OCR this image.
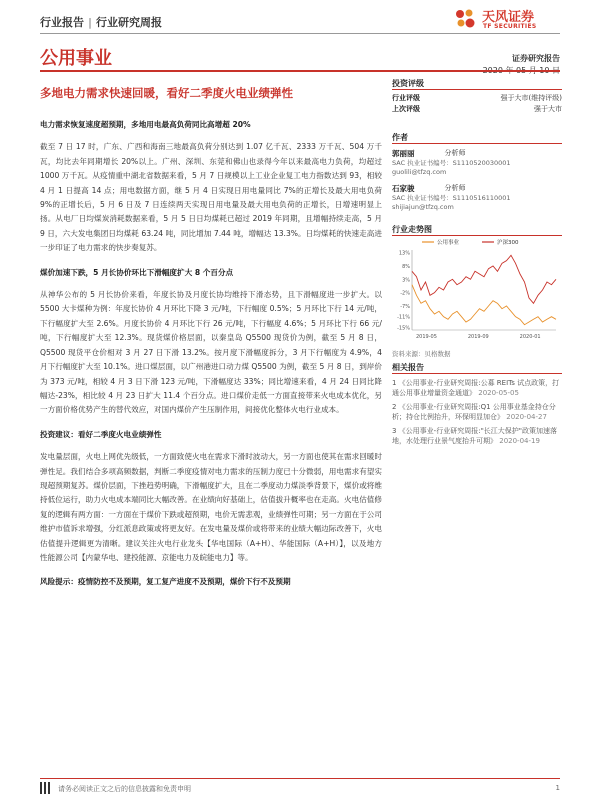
行业报告 | 行业研究周报	天风证券
TF SECURITIES
公用事业	证券研究报告
多地电力需求快速回暖，看好二季度火电业绩弹性

电力需求恢复速度超预期，多地用电最高负荷同比高增超 20%

截至 7 日 17 时，广东、广西和海南三地最高负荷分别达到 1.07 亿千瓦、2333 万千瓦、504 万千瓦，均比去年同期增长 20%以上。广州、深圳、东莞和佛山也录得今年以来最高电力负荷，均超过 1000 万千瓦。从疫情重中湖北省数据来看，5 月 7 日规模以上工业企业复工电力指数达到 93，相较 4 月 1 日提高 14 点；用电数据方面，继 5 月 4 日实现日用电量同比 7%的正增长及最大用电负荷 9%的正增长后，5 月 6 日及 7 日连续两天实现日用电量及最大用电负荷的正增长，日增速明显上扬。从电厂日均煤炭消耗数据来看，5 月 5 日日均煤耗已超过 2019 年同期，且增幅持续走高，5 月 9 日，六大发电集团日均煤耗 63.24 吨，同比增加 7.44 吨，增幅达 13.3%。日均煤耗的快速走高进一步印证了电力需求的快步奏复苏。

煤价加速下跌，5 月长协价环比下滑幅度扩大 8 个百分点

从神华公布的 5 月长协价来看，年度长协及月度长协均维持下滑态势，且下滑幅度进一步扩大。以 5500 大卡煤种为例：年度长协价 4 月环比下降 3 元/吨，下行幅度 0.5%；5 月环比下行 14 元/吨，下行幅度扩大至 2.6%。月度长协价 4 月环比下行 26 元/吨，下行幅度 4.6%；5 月环比下行 66 元/吨，下行幅度扩大至 12.3%。现货煤价格层面，以秦皇岛 Q5500 现货价为例，截至 5 月 8 日，Q5500 现货平仓价相对 3 月 27 日下滑 13.2%。按月度下滑幅度拆分，3 月下行幅度为 4.9%，4 月下行幅度扩大至 10.1%。进口煤层面，以广州港进口动力煤 Q5500 为例，截至 5 月 8 日，到岸价为 373 元/吨，相较 4 月 3 日下滑 123 元/吨，下滑幅度达 33%；同比增速来看，4 月 24 日同比降幅达-23%，相比较 4 月 23 日扩大 11.4 个百分点。进口煤价走低一方面直接带来火电成本优化，另一方面价格优势产生的替代效应，对国内煤价产生压制作用，间接优化整体火电行业成本。

投资建议：看好二季度火电业绩弹性

发电量层面，火电上网优先级低，一方面致使火电在需求下滑时波动大，另一方面也使其在需求回暖时弹性足。我们结合多项高频数据，判断二季度疫情对电力需求的压制力度已十分微弱，用电需求有望实现超预期复苏。煤价层面，下挫趋势明确，下滑幅度扩大，且在二季度动力煤淡季背景下，煤价或将维持低位运行，助力火电成本端同比大幅改善。在业绩向好基础上，估值拔升概率也在走高。火电估值修复的逻辑有两方面：一方面在于煤价下跌或超预期，电价无需悲观，业绩弹性可期；另一方面在于公司维护市值诉求增强，分红派息政策或将更友好。在发电量及煤价或将带来的业绩大幅边际改善下，火电估值提升逻辑更为清晰。建议关注火电行业龙头【华电国际（A+H）、华能国际（A+H）】，以及地方性能源公司【内蒙华电、建投能源、京能电力及皖能电力】等。

风险提示：疫情防控不及预期，复工复产进度不及预期，煤价下行不及预期

投资评级
行业评级	强于大市(维持评级)
上次评级	强于大市
作者
郭丽丽	分析师
SAC 执业证书编号：S1110520030001
guolili@tfzq.com
石家骏	分析师
SAC 执业证书编号：S1110516110001
shijiajun@tfzq.com
行业走势图
13%
8%
3%
-2%
-7%
-11%
-15%
2019-05	2019-09	2020-01
公用事业	沪深300
资料来源：贝格数据
相关报告

1 《公用事业-行业研究周报:公募 REITs 试点政策，打通公用事业增量资金通道》 2020-05-05

2 《公用事业-行业研究周报:Q1 公用事业基金持仓分析；持仓比例抬升，环保明显加仓》 2020-04-27

3 《公用事业-行业研究周报:"长江大保护"政策加速落地，水处理行业景气度抬升可期》 2020-04-19

请务必阅读正文之后的信息披露和免责申明	1
